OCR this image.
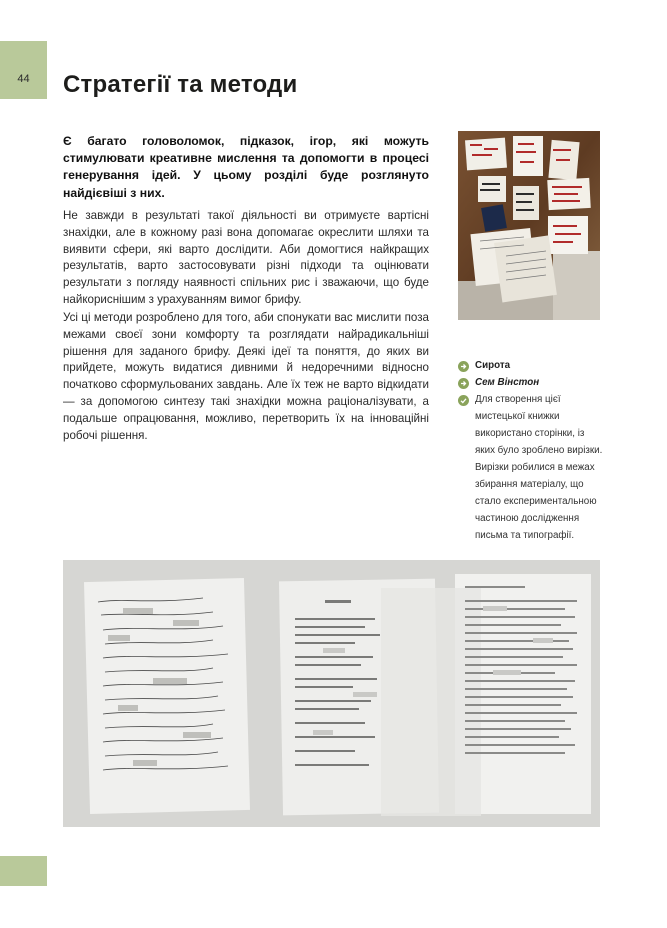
44	Стратегії та методи

Є багато головоломок, підказок, ігор, які можуть стимулювати креативне мислення та допомогти в процесі генерування ідей. У цьому розділі буде розглянуто найдієвіші з них.

Не завжди в результаті такої діяльності ви отримуєте вартісні знахідки, але в кожному разі вона допомагає окреслити шляхи та виявити сфери, які варто дослідити. Аби домогтися найкращих результатів, варто застосовувати різні підходи та оцінювати результати з погляду наявності спільних рис і зважаючи, що буде найкориснішим з урахуванням вимог брифу.

Усі ці методи розроблено для того, аби спонукати вас мислити поза межами своєї зони комфорту та розглядати найрадикальніші рішення для заданого брифу. Деякі ідеї та поняття, до яких ви прийдете, можуть видатися дивними й недоречними відносно початково сформульованих завдань. Але їх теж не варто відкидати — за допомогою синтезу такі знахідки можна раціоналізувати, а подальше опрацювання, можливо, перетворить їх на інноваційні робочі рішення.

Сирота
Сем Вінстон
Для створення цієї мистецької книжки використано сторінки, із яких було зроблено вирізки. Вирізки робилися в межах збирання матеріалу, що стало експериментальною частиною дослідження письма та типографії.
